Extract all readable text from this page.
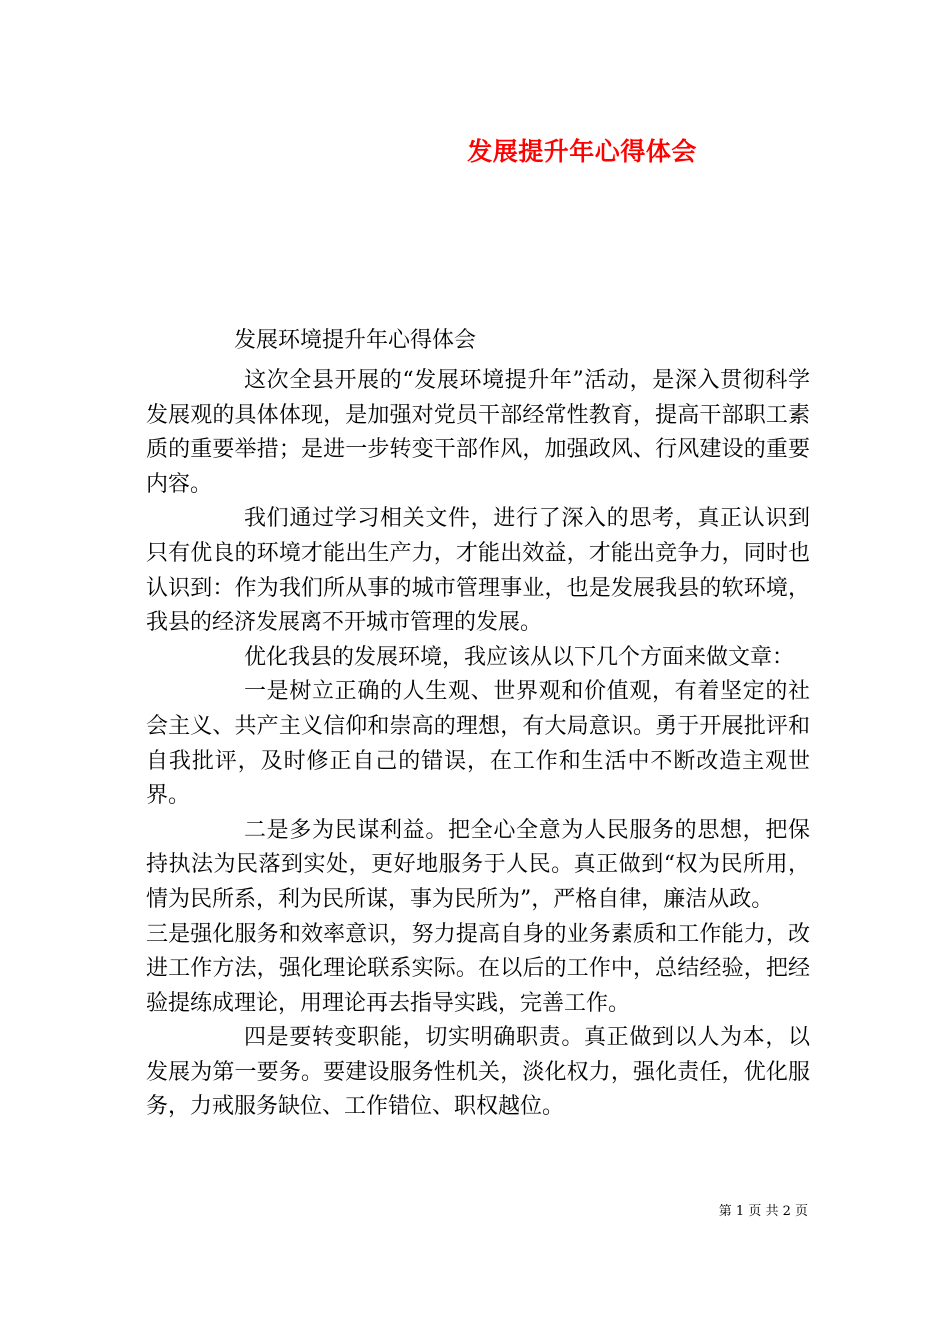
发展提升年心得体会
发展环境提升年心得体会

这次全县开展的“发展环境提升年”活动，是深入贯彻科学发展观的具体体现，是加强对党员干部经常性教育，提高干部职工素质的重要举措；是进一步转变干部作风，加强政风、行风建设的重要内容。

我们通过学习相关文件，进行了深入的思考，真正认识到只有优良的环境才能出生产力，才能出效益，才能出竞争力，同时也认识到：作为我们所从事的城市管理事业，也是发展我县的软环境，我县的经济发展离不开城市管理的发展。

优化我县的发展环境，我应该从以下几个方面来做文章：

一是树立正确的人生观、世界观和价值观，有着坚定的社会主义、共产主义信仰和崇高的理想，有大局意识。勇于开展批评和自我批评，及时修正自己的错误，在工作和生活中不断改造主观世界。

二是多为民谋利益。把全心全意为人民服务的思想，把保持执法为民落到实处，更好地服务于人民。真正做到“权为民所用，情为民所系，利为民所谋，事为民所为”，严格自律，廉洁从政。

三是强化服务和效率意识，努力提高自身的业务素质和工作能力，改进工作方法，强化理论联系实际。在以后的工作中，总结经验，把经验提练成理论，用理论再去指导实践，完善工作。

四是要转变职能，切实明确职责。真正做到以人为本，以发展为第一要务。要建设服务性机关，淡化权力，强化责任，优化服务，力戒服务缺位、工作错位、职权越位。

第 1 页 共 2 页
